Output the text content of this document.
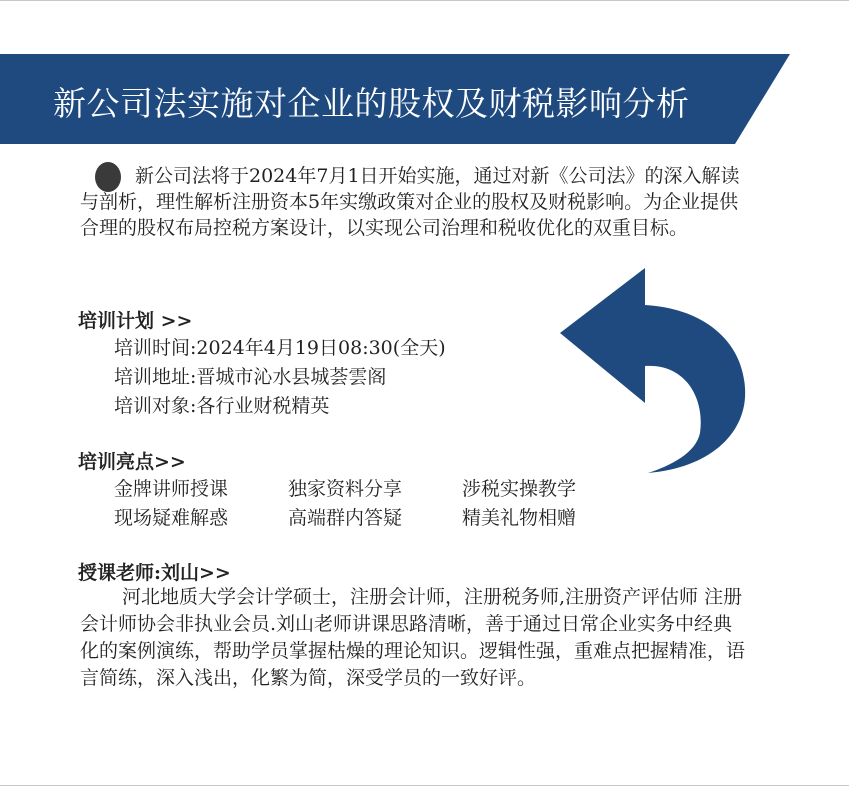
新公司法实施对企业的股权及财税影响分析

新公司法将于2024年7月1日开始实施，通过对新《公司法》的深入解读与剖析，理性解析注册资本5年实缴政策对企业的股权及财税影响。为企业提供合理的股权布局控税方案设计，以实现公司治理和税收优化的双重目标。

培训计划 >>

培训时间:2024年4月19日08:30(全天)

培训地址:晋城市沁水县城荟雲阁

培训对象:各行业财税精英

培训亮点>>

金牌讲师授课	独家资料分享	涉税实操教学

现场疑难解惑	高端群内答疑	精美礼物相赠

授课老师:刘山>>

河北地质大学会计学硕士，注册会计师，注册税务师,注册资产评估师 注册会计师协会非执业会员.刘山老师讲课思路清晰，善于通过日常企业实务中经典化的案例演练，帮助学员掌握枯燥的理论知识。逻辑性强，重难点把握精准，语言简练，深入浅出，化繁为简，深受学员的一致好评。
